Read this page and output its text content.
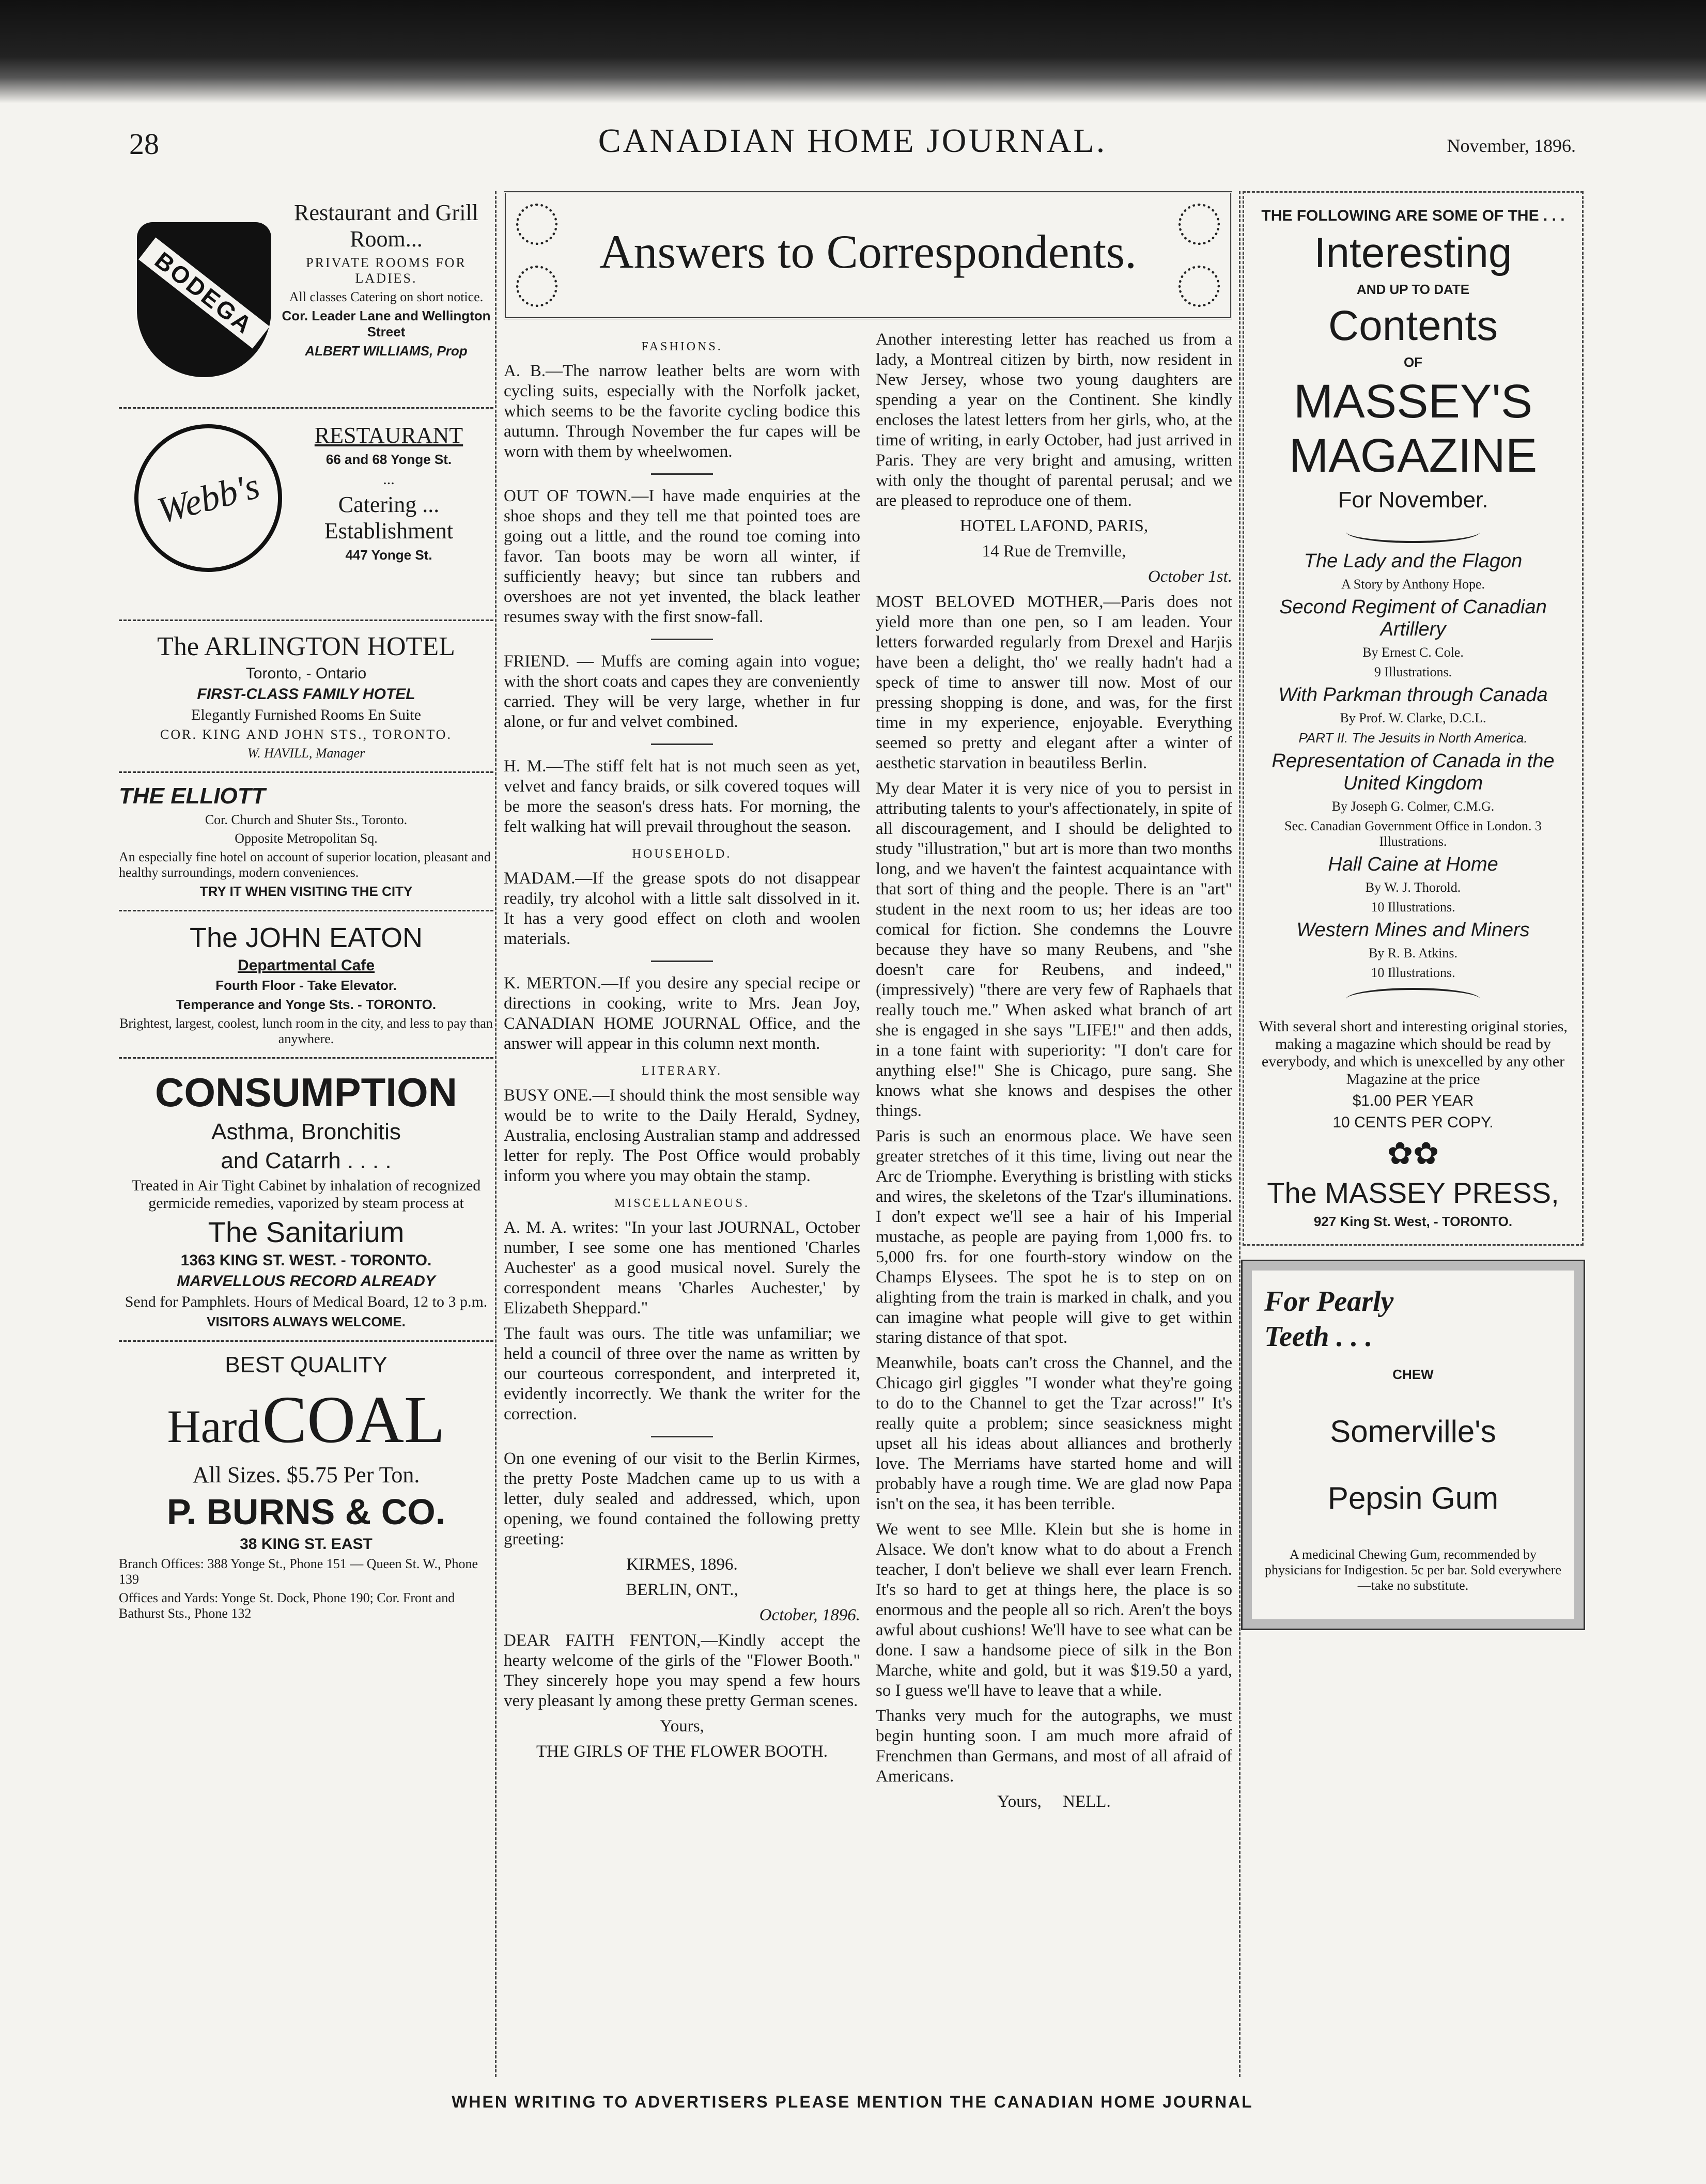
28	CANADIAN HOME JOURNAL.	November, 1896.
BODEGA

Restaurant and Grill Room...

PRIVATE ROOMS FOR LADIES.

All classes Catering on short notice.

Cor. Leader Lane and Wellington Street

ALBERT WILLIAMS, Prop

Webb's

RESTAURANT

66 and 68 Yonge St.

...

Catering ... Establishment

447 Yonge St.

The ARLINGTON HOTEL

Toronto, - Ontario

FIRST-CLASS FAMILY HOTEL

Elegantly Furnished Rooms En Suite

COR. KING AND JOHN STS., TORONTO.

W. HAVILL, Manager

THE ELLIOTT

Cor. Church and Shuter Sts., Toronto.

Opposite Metropolitan Sq.

An especially fine hotel on account of superior location, pleasant and healthy surroundings, modern conveniences.

TRY IT WHEN VISITING THE CITY

The JOHN EATON

Departmental Cafe

Fourth Floor - Take Elevator.

Temperance and Yonge Sts. - TORONTO.

Brightest, largest, coolest, lunch room in the city, and less to pay than anywhere.

CONSUMPTION

Asthma, Bronchitis

and Catarrh . . . .

Treated in Air Tight Cabinet by inhalation of recognized germicide remedies, vaporized by steam process at

The Sanitarium

1363 KING ST. WEST. - TORONTO.

MARVELLOUS RECORD ALREADY

Send for Pamphlets. Hours of Medical Board, 12 to 3 p.m.

VISITORS ALWAYS WELCOME.

BEST QUALITY

Hard COAL

All Sizes. $5.75 Per Ton.

P. BURNS & CO.

38 KING ST. EAST

Branch Offices: 388 Yonge St., Phone 151 — Queen St. W., Phone 139

Offices and Yards: Yonge St. Dock, Phone 190; Cor. Front and Bathurst Sts., Phone 132

Answers to Correspondents.
FASHIONS.

A. B.—The narrow leather belts are worn with cycling suits, especially with the Norfolk jacket, which seems to be the favorite cycling bodice this autumn. Through November the fur capes will be worn with them by wheelwomen.

OUT OF TOWN.—I have made enquiries at the shoe shops and they tell me that pointed toes are going out a little, and the round toe coming into favor. Tan boots may be worn all winter, if sufficiently heavy; but since tan rubbers and overshoes are not yet invented, the black leather resumes sway with the first snow-fall.

FRIEND. — Muffs are coming again into vogue; with the short coats and capes they are conveniently carried. They will be very large, whether in fur alone, or fur and velvet combined.

H. M.—The stiff felt hat is not much seen as yet, velvet and fancy braids, or silk covered toques will be more the season's dress hats. For morning, the felt walking hat will prevail throughout the season.

HOUSEHOLD.

MADAM.—If the grease spots do not disappear readily, try alcohol with a little salt dissolved in it. It has a very good effect on cloth and woolen materials.

K. MERTON.—If you desire any special recipe or directions in cooking, write to Mrs. Jean Joy, CANADIAN HOME JOURNAL Office, and the answer will appear in this column next month.

LITERARY.

BUSY ONE.—I should think the most sensible way would be to write to the Daily Herald, Sydney, Australia, enclosing Australian stamp and addressed letter for reply. The Post Office would probably inform you where you may obtain the stamp.

MISCELLANEOUS.

A. M. A. writes: "In your last JOURNAL, October number, I see some one has mentioned 'Charles Auchester' as a good musical novel. Surely the correspondent means 'Charles Auchester,' by Elizabeth Sheppard."

The fault was ours. The title was unfamiliar; we held a council of three over the name as written by our courteous correspondent, and interpreted it, evidently incorrectly. We thank the writer for the correction.

On one evening of our visit to the Berlin Kirmes, the pretty Poste Madchen came up to us with a letter, duly sealed and addressed, which, upon opening, we found contained the following pretty greeting:

KIRMES, 1896.

BERLIN, ONT.,

October, 1896.

DEAR FAITH FENTON,—Kindly accept the hearty welcome of the girls of the "Flower Booth." They sincerely hope you may spend a few hours very pleasant ly among these pretty German scenes.

Yours,

THE GIRLS OF THE FLOWER BOOTH.

Another interesting letter has reached us from a lady, a Montreal citizen by birth, now resident in New Jersey, whose two young daughters are spending a year on the Continent. She kindly encloses the latest letters from her girls, who, at the time of writing, in early October, had just arrived in Paris. They are very bright and amusing, written with only the thought of parental perusal; and we are pleased to reproduce one of them.

HOTEL LAFOND, PARIS,

14 Rue de Tremville,

October 1st.

MOST BELOVED MOTHER,—Paris does not yield more than one pen, so I am leaden. Your letters forwarded regularly from Drexel and Harjis have been a delight, tho' we really hadn't had a speck of time to answer till now. Most of our pressing shopping is done, and was, for the first time in my experience, enjoyable. Everything seemed so pretty and elegant after a winter of aesthetic starvation in beautiless Berlin.

My dear Mater it is very nice of you to persist in attributing talents to your's affectionately, in spite of all discouragement, and I should be delighted to study "illustration," but art is more than two months long, and we haven't the faintest acquaintance with that sort of thing and the people. There is an "art" student in the next room to us; her ideas are too comical for fiction. She condemns the Louvre because they have so many Reubens, and "she doesn't care for Reubens, and indeed," (impressively) "there are very few of Raphaels that really touch me." When asked what branch of art she is engaged in she says "LIFE!" and then adds, in a tone faint with superiority: "I don't care for anything else!" She is Chicago, pure sang. She knows what she knows and despises the other things.

Paris is such an enormous place. We have seen greater stretches of it this time, living out near the Arc de Triomphe. Everything is bristling with sticks and wires, the skeletons of the Tzar's illuminations. I don't expect we'll see a hair of his Imperial mustache, as people are paying from 1,000 frs. to 5,000 frs. for one fourth-story window on the Champs Elysees. The spot he is to step on on alighting from the train is marked in chalk, and you can imagine what people will give to get within staring distance of that spot.

Meanwhile, boats can't cross the Channel, and the Chicago girl giggles "I wonder what they're going to do to the Channel to get the Tzar across!" It's really quite a problem; since seasickness might upset all his ideas about alliances and brotherly love. The Merriams have started home and will probably have a rough time. We are glad now Papa isn't on the sea, it has been terrible.

We went to see Mlle. Klein but she is home in Alsace. We don't know what to do about a French teacher, I don't believe we shall ever learn French. It's so hard to get at things here, the place is so enormous and the people all so rich. Aren't the boys awful about cushions! We'll have to see what can be done. I saw a handsome piece of silk in the Bon Marche, white and gold, but it was $19.50 a yard, so I guess we'll have to leave that a while.

Thanks very much for the autographs, we must begin hunting soon. I am much more afraid of Frenchmen than Germans, and most of all afraid of Americans.

Yours, NELL.

THE FOLLOWING ARE SOME OF THE . . .

Interesting

AND UP TO DATE

Contents

OF

MASSEY'S

MAGAZINE

For November.

The Lady and the Flagon

A Story by Anthony Hope.

Second Regiment of Canadian Artillery

By Ernest C. Cole.

9 Illustrations.

With Parkman through Canada

By Prof. W. Clarke, D.C.L.

PART II. The Jesuits in North America.

Representation of Canada in the United Kingdom

By Joseph G. Colmer, C.M.G.

Sec. Canadian Government Office in London. 3 Illustrations.

Hall Caine at Home

By W. J. Thorold.

10 Illustrations.

Western Mines and Miners

By R. B. Atkins.

10 Illustrations.

With several short and interesting original stories, making a magazine which should be read by everybody, and which is unexcelled by any other Magazine at the price

$1.00 PER YEAR

10 CENTS PER COPY.

✿✿

The MASSEY PRESS,

927 King St. West, - TORONTO.

For Pearly

Teeth . . .

CHEW

Somerville's

Pepsin Gum

A medicinal Chewing Gum, recommended by physicians for Indigestion. 5c per bar. Sold everywhere—take no substitute.

WHEN WRITING TO ADVERTISERS PLEASE MENTION THE CANADIAN HOME JOURNAL
